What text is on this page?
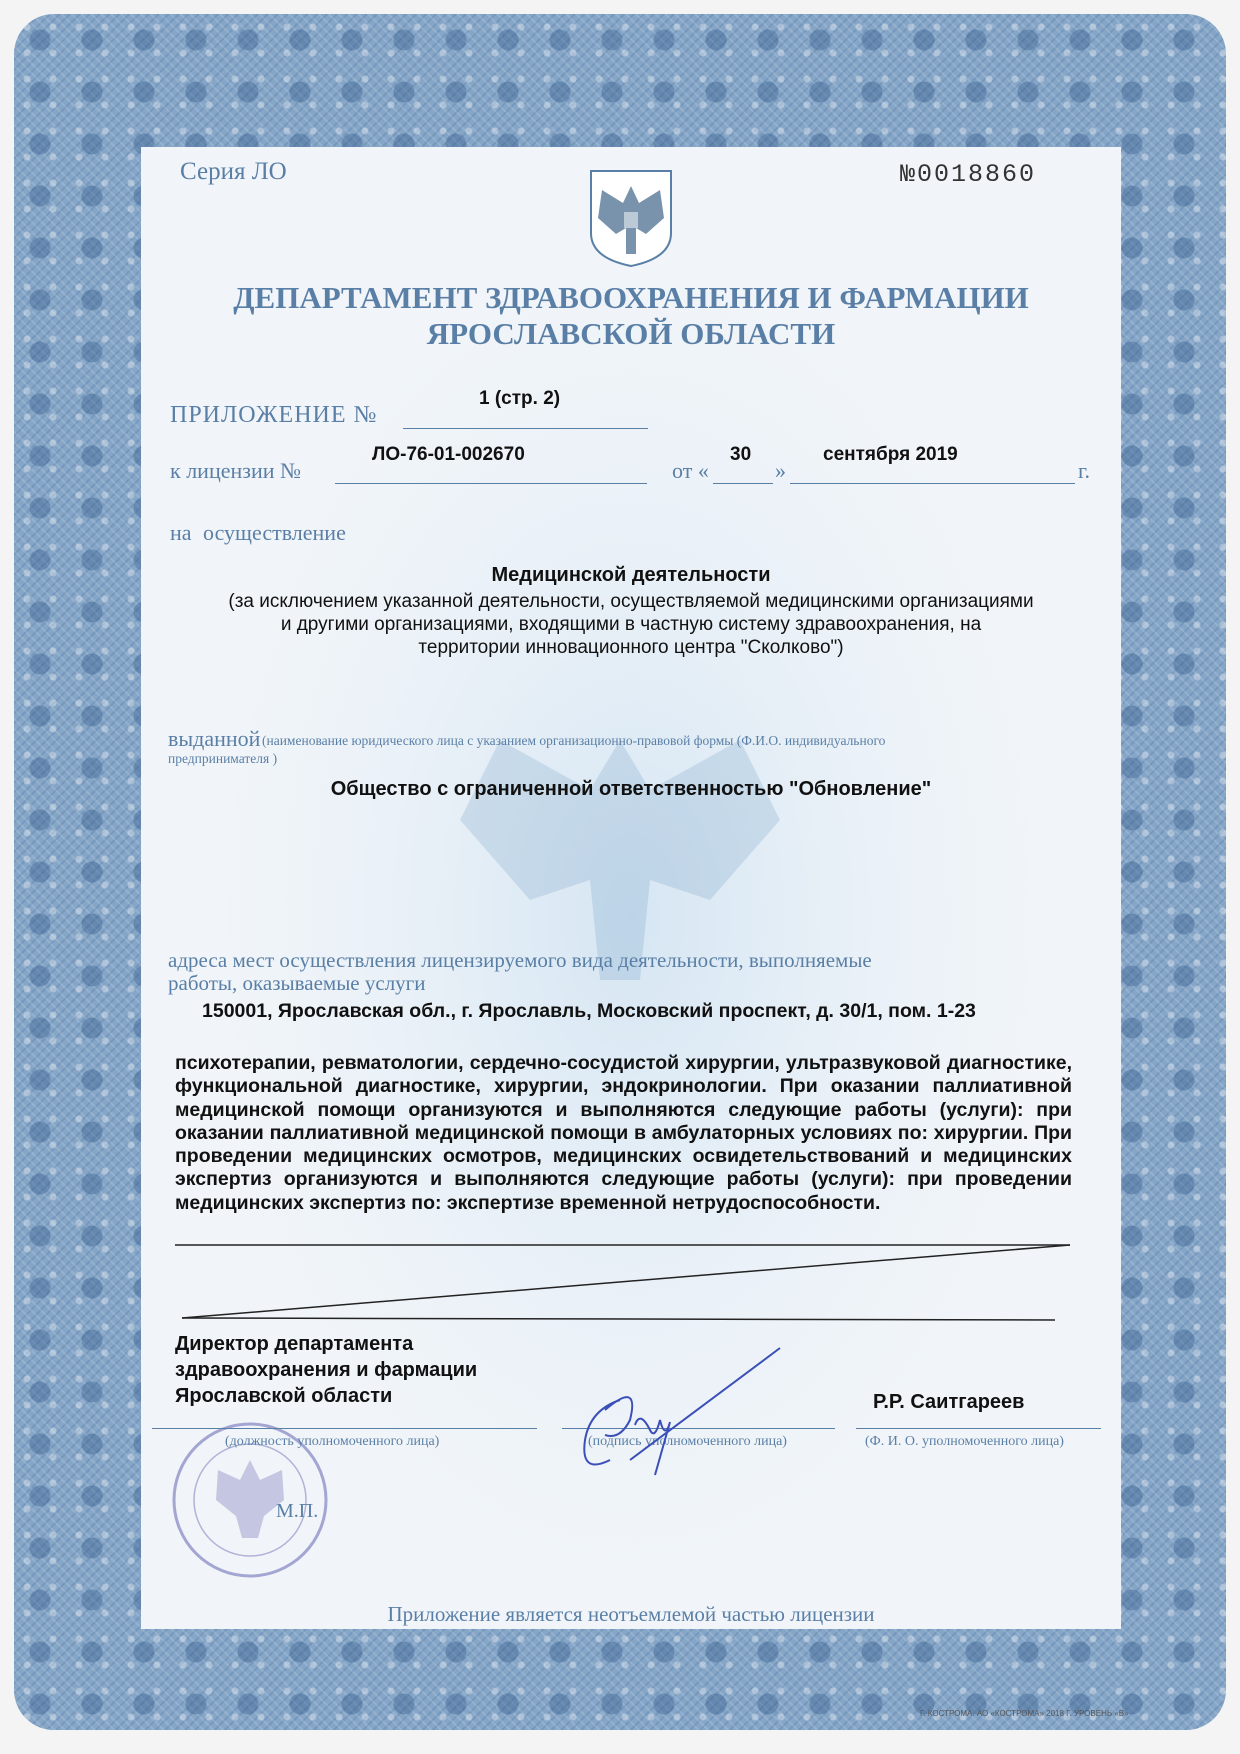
Серия ЛО	№0018860
ДЕПАРТАМЕНТ ЗДРАВООХРАНЕНИЯ И ФАРМАЦИИ
ЯРОСЛАВСКОЙ ОБЛАСТИ
ПРИЛОЖЕНИЕ №
1 (стр. 2)
к лицензии №
ЛО-76-01-002670
от «
30
»
сентября 2019
г.
на осуществление
Медицинской деятельности
(за исключением указанной деятельности, осуществляемой медицинскими организациями
и другими организациями, входящими в частную систему здравоохранения, на
территории инновационного центра "Сколково")
выданной (наименование юридического лица с указанием организационно-правовой формы (Ф.И.О. индивидуального
предпринимателя )
Общество с ограниченной ответственностью "Обновление"
адреса мест осуществления лицензируемого вида деятельности, выполняемые
работы, оказываемые услуги
150001, Ярославская обл., г. Ярославль, Московский проспект, д. 30/1, пом. 1-23
психотерапии, ревматологии, сердечно-сосудистой хирургии, ультразвуковой диагностике, функциональной диагностике, хирургии, эндокринологии. При оказании паллиативной медицинской помощи организуются и выполняются следующие работы (услуги): при оказании паллиативной медицинской помощи в амбулаторных условиях по: хирургии. При проведении медицинских осмотров, медицинских освидетельствований и медицинских экспертиз организуются и выполняются следующие работы (услуги): при проведении медицинских экспертиз по: экспертизе временной нетрудоспособности.
Директор департамента
здравоохранения и фармации
Ярославской области	Р.Р. Саитгареев
(должность уполномоченного лица)	(подпись уполномоченного лица)	(Ф. И. О. уполномоченного лица)
М.П.
Приложение является неотъемлемой частью лицензии
Г. КОСТРОМА. АО «КОСТРОМА» 2018 Г. УРОВЕНЬ «В»
